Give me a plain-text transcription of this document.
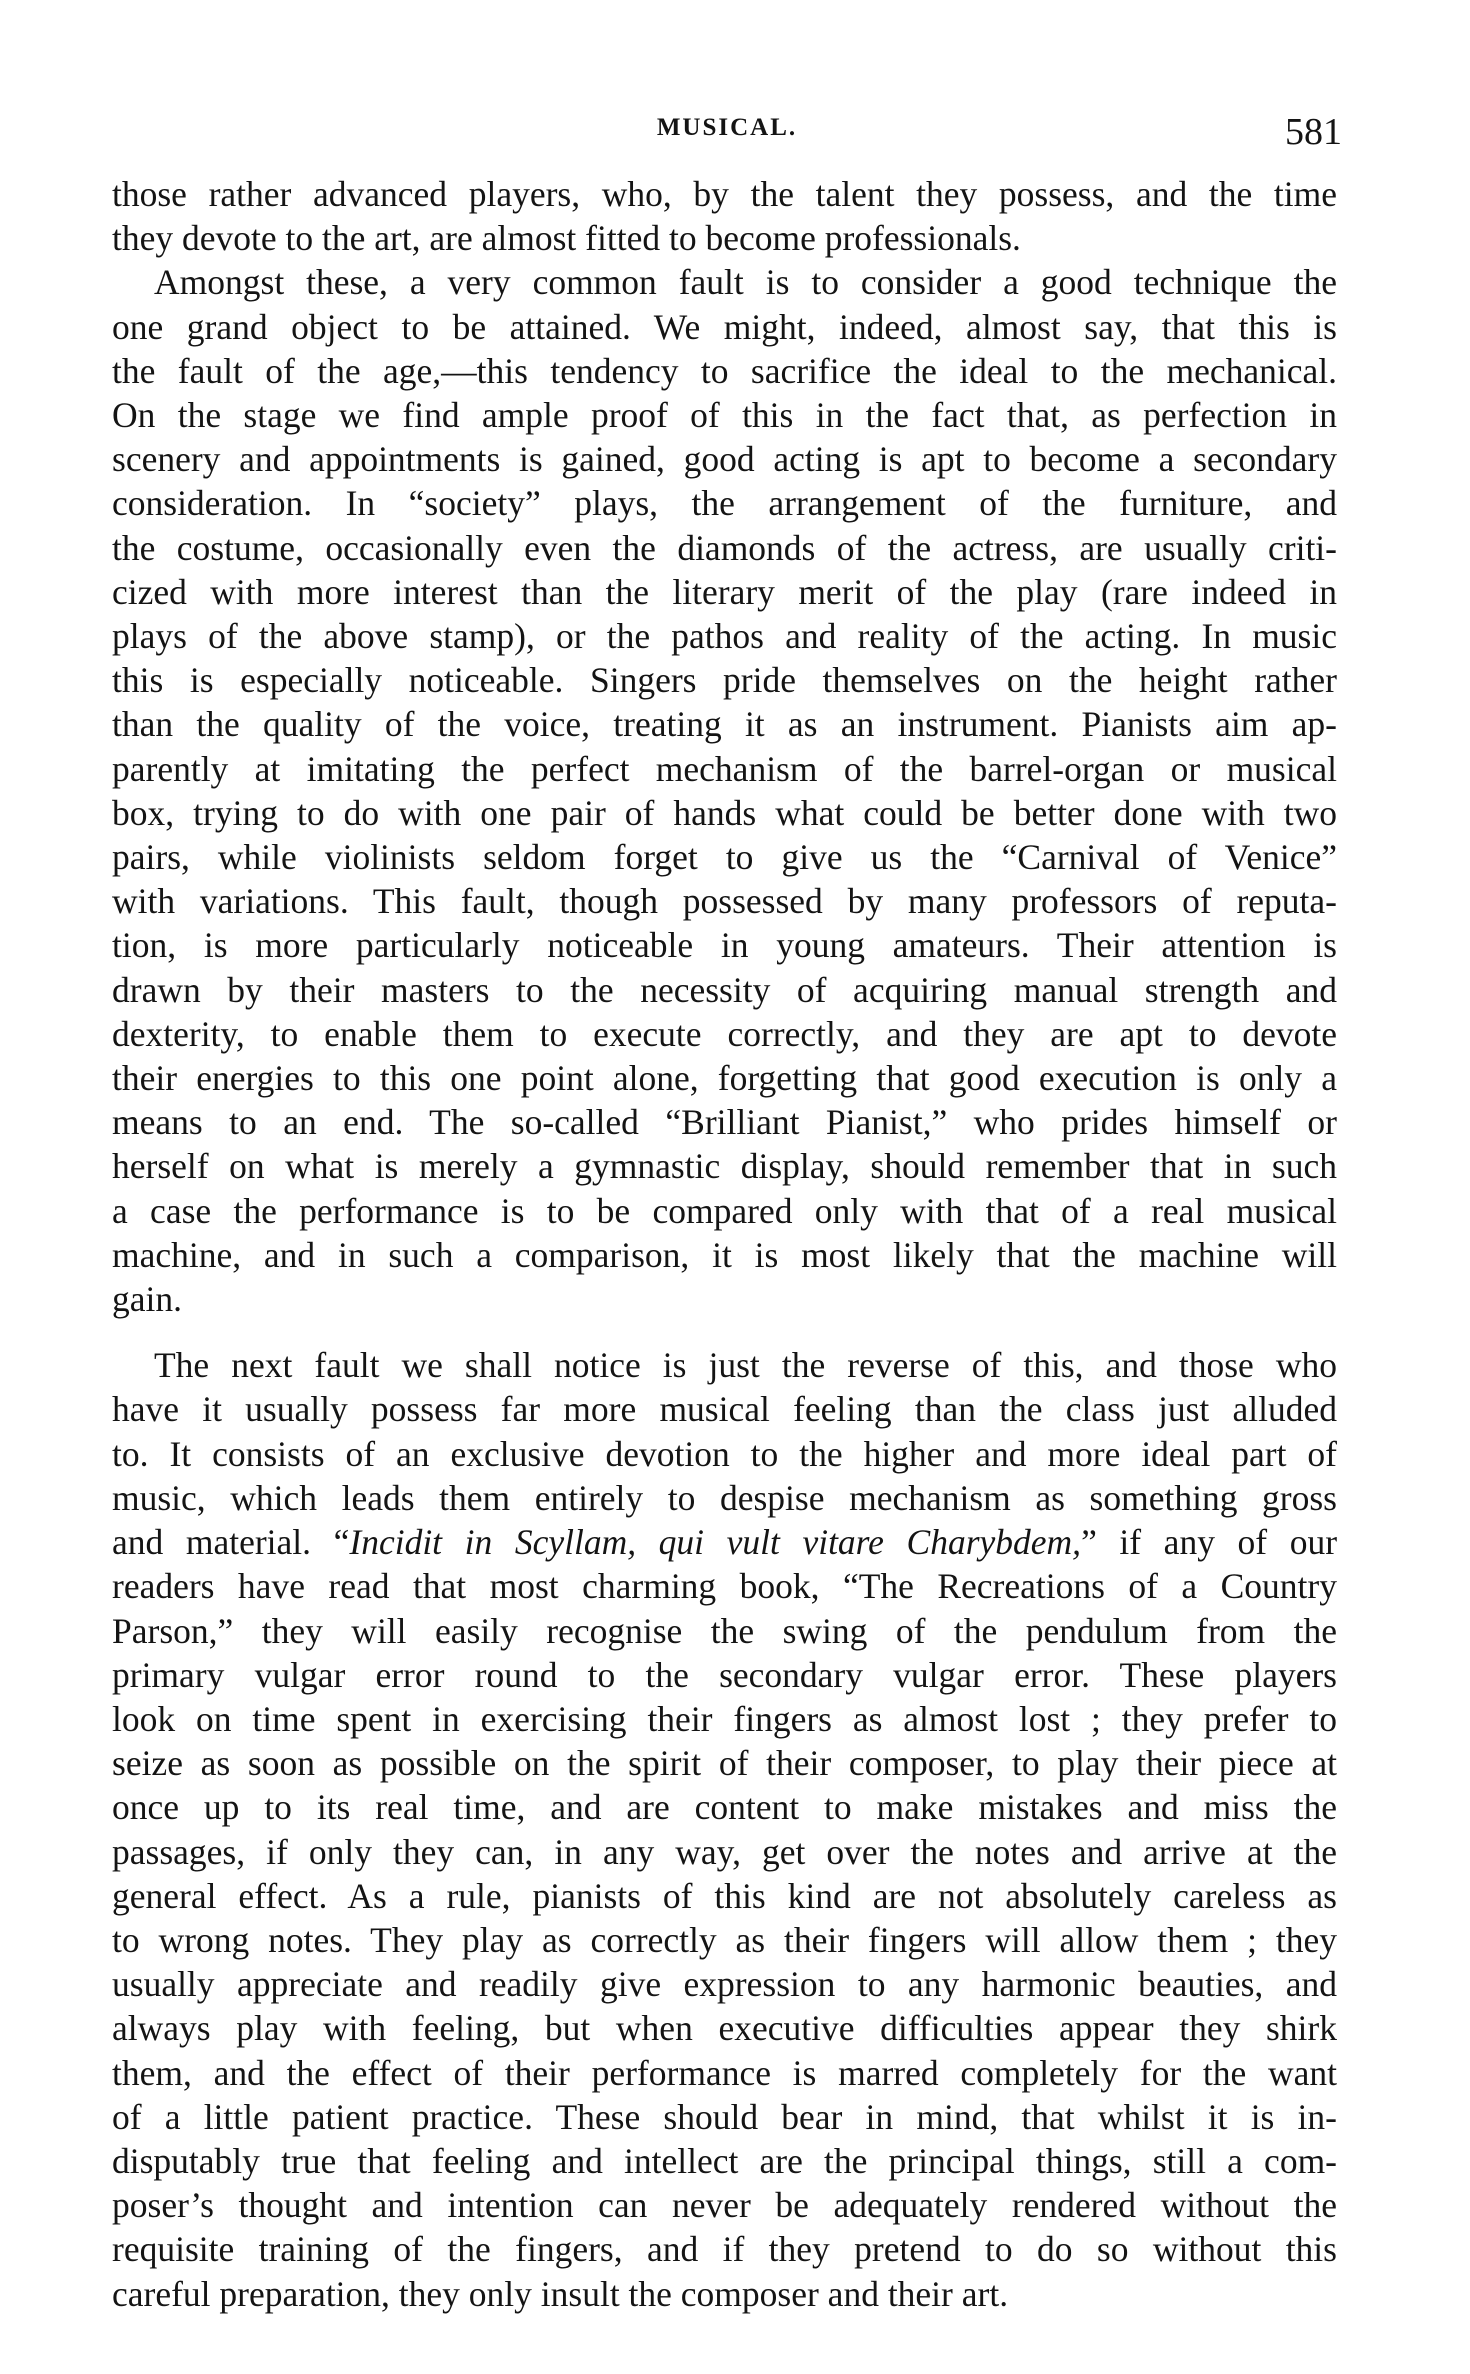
MUSICAL.	581
those rather advanced players, who, by the talent they possess, and the time
they devote to the art, are almost fitted to become professionals.
Amongst these, a very common fault is to consider a good technique the
one grand object to be attained. We might, indeed, almost say, that this is
the fault of the age,—this tendency to sacrifice the ideal to the mechanical.
On the stage we find ample proof of this in the fact that, as perfection in
scenery and appointments is gained, good acting is apt to become a secondary
consideration. In “society” plays, the arrangement of the furniture, and
the costume, occasionally even the diamonds of the actress, are usually criti-
cized with more interest than the literary merit of the play (rare indeed in
plays of the above stamp), or the pathos and reality of the acting. In music
this is especially noticeable. Singers pride themselves on the height rather
than the quality of the voice, treating it as an instrument. Pianists aim ap-
parently at imitating the perfect mechanism of the barrel-organ or musical
box, trying to do with one pair of hands what could be better done with two
pairs, while violinists seldom forget to give us the “Carnival of Venice”
with variations. This fault, though possessed by many professors of reputa-
tion, is more particularly noticeable in young amateurs. Their attention is
drawn by their masters to the necessity of acquiring manual strength and
dexterity, to enable them to execute correctly, and they are apt to devote
their energies to this one point alone, forgetting that good execution is only a
means to an end. The so-called “Brilliant Pianist,” who prides himself or
herself on what is merely a gymnastic display, should remember that in such
a case the performance is to be compared only with that of a real musical
machine, and in such a comparison, it is most likely that the machine will
gain.
The next fault we shall notice is just the reverse of this, and those who
have it usually possess far more musical feeling than the class just alluded
to. It consists of an exclusive devotion to the higher and more ideal part of
music, which leads them entirely to despise mechanism as something gross
and material. “Incidit in Scyllam, qui vult vitare Charybdem,” if any of our
readers have read that most charming book, “The Recreations of a Country
Parson,” they will easily recognise the swing of the pendulum from the
primary vulgar error round to the secondary vulgar error. These players
look on time spent in exercising their fingers as almost lost ; they prefer to
seize as soon as possible on the spirit of their composer, to play their piece at
once up to its real time, and are content to make mistakes and miss the
passages, if only they can, in any way, get over the notes and arrive at the
general effect. As a rule, pianists of this kind are not absolutely careless as
to wrong notes. They play as correctly as their fingers will allow them ; they
usually appreciate and readily give expression to any harmonic beauties, and
always play with feeling, but when executive difficulties appear they shirk
them, and the effect of their performance is marred completely for the want
of a little patient practice. These should bear in mind, that whilst it is in-
disputably true that feeling and intellect are the principal things, still a com-
poser’s thought and intention can never be adequately rendered without the
requisite training of the fingers, and if they pretend to do so without this
careful preparation, they only insult the composer and their art.
